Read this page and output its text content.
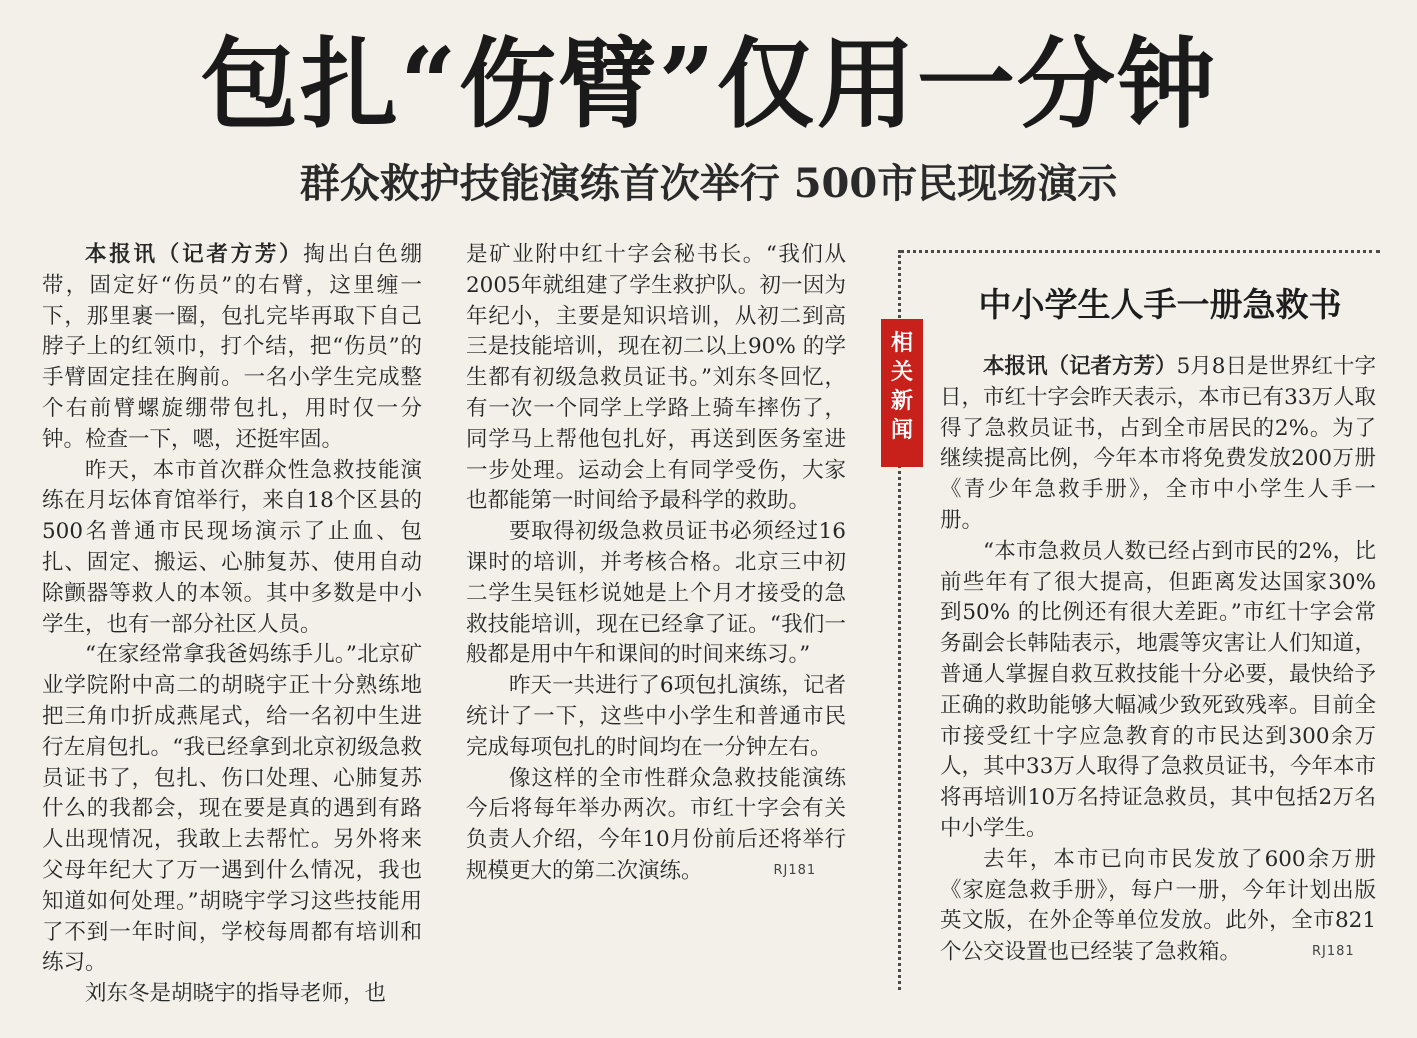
包扎“伤臂”仅用一分钟
群众救护技能演练首次举行 500市民现场演示

本报讯（记者方芳）掏出白色绷带，固定好“伤员”的右臂，这里缠一下，那里裹一圈，包扎完毕再取下自己脖子上的红领巾，打个结，把“伤员”的手臂固定挂在胸前。一名小学生完成整个右前臂螺旋绷带包扎，用时仅一分钟。检查一下，嗯，还挺牢固。

昨天，本市首次群众性急救技能演练在月坛体育馆举行，来自18个区县的500名普通市民现场演示了止血、包扎、固定、搬运、心肺复苏、使用自动除颤器等救人的本领。其中多数是中小学生，也有一部分社区人员。

“在家经常拿我爸妈练手儿。”北京矿业学院附中高二的胡晓宇正十分熟练地把三角巾折成燕尾式，给一名初中生进行左肩包扎。“我已经拿到北京初级急救员证书了，包扎、伤口处理、心肺复苏什么的我都会，现在要是真的遇到有路人出现情况，我敢上去帮忙。另外将来父母年纪大了万一遇到什么情况，我也知道如何处理。”胡晓宇学习这些技能用了不到一年时间，学校每周都有培训和练习。

刘东冬是胡晓宇的指导老师，也

是矿业附中红十字会秘书长。“我们从2005年就组建了学生救护队。初一因为年纪小，主要是知识培训，从初二到高三是技能培训，现在初二以上90% 的学生都有初级急救员证书。”刘东冬回忆，有一次一个同学上学路上骑车摔伤了，同学马上帮他包扎好，再送到医务室进一步处理。运动会上有同学受伤，大家也都能第一时间给予最科学的救助。

要取得初级急救员证书必须经过16课时的培训，并考核合格。北京三中初二学生吴钰杉说她是上个月才接受的急救技能培训，现在已经拿了证。“我们一般都是用中午和课间的时间来练习。”

昨天一共进行了6项包扎演练，记者统计了一下，这些中小学生和普通市民完成每项包扎的时间均在一分钟左右。

像这样的全市性群众急救技能演练今后将每年举办两次。市红十字会有关负责人介绍，今年10月份前后还将举行规模更大的第二次演练。	RJ181

相
关
新
闻
中小学生人手一册急救书

本报讯（记者方芳）5月8日是世界红十字日，市红十字会昨天表示，本市已有33万人取得了急救员证书，占到全市居民的2%。为了继续提高比例，今年本市将免费发放200万册《青少年急救手册》，全市中小学生人手一册。

“本市急救员人数已经占到市民的2%，比前些年有了很大提高，但距离发达国家30% 到50% 的比例还有很大差距。”市红十字会常务副会长韩陆表示，地震等灾害让人们知道，普通人掌握自救互救技能十分必要，最快给予正确的救助能够大幅减少致死致残率。目前全市接受红十字应急教育的市民达到300余万人，其中33万人取得了急救员证书，今年本市将再培训10万名持证急救员，其中包括2万名中小学生。

去年，本市已向市民发放了600余万册《家庭急救手册》，每户一册，今年计划出版英文版，在外企等单位发放。此外，全市821个公交设置也已经装了急救箱。	RJ181
